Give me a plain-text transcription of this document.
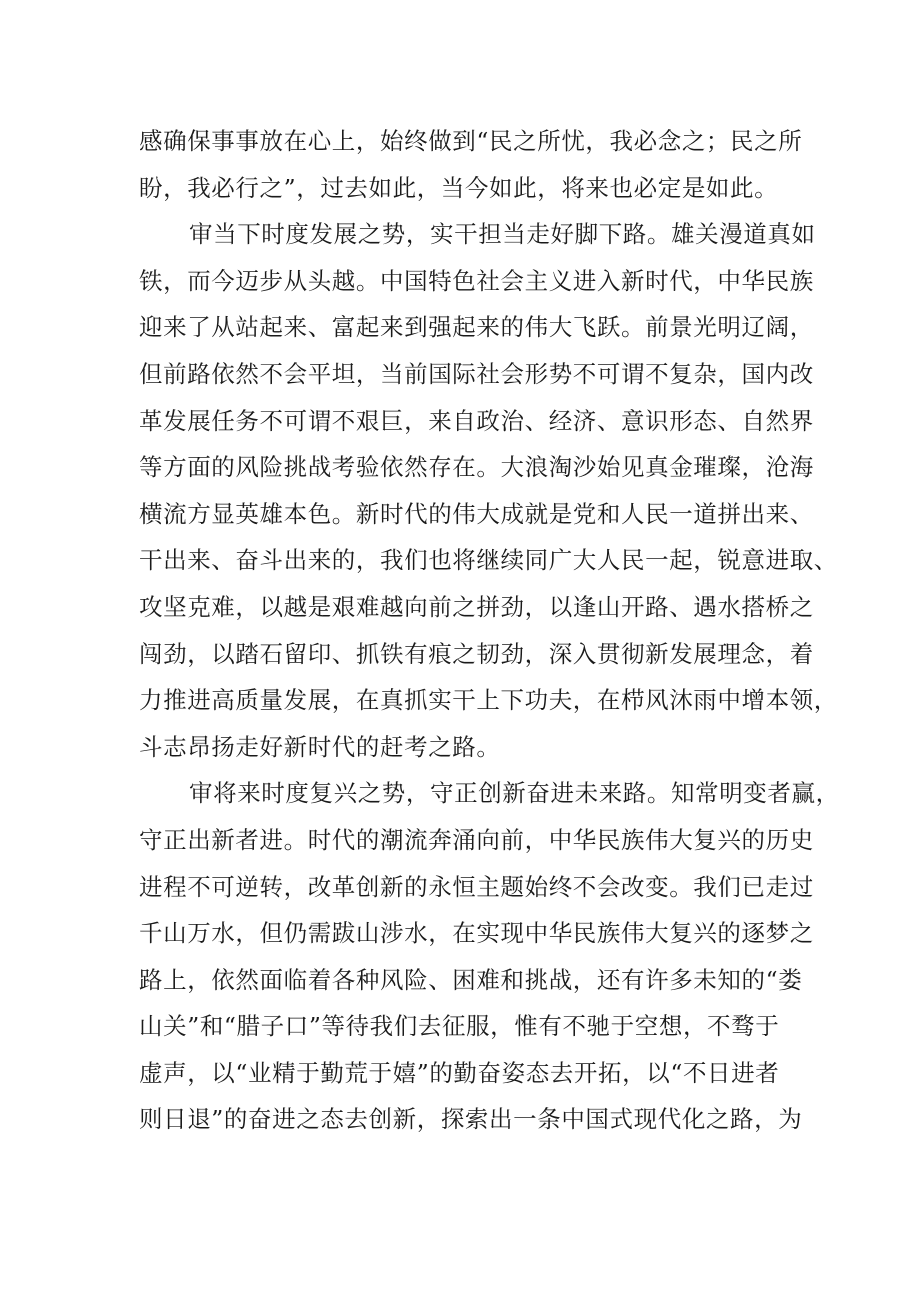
感确保事事放在心上，始终做到“民之所忧，我必念之；民之所
盼，我必行之”，过去如此，当今如此，将来也必定是如此。
审当下时度发展之势，实干担当走好脚下路。雄关漫道真如
铁，而今迈步从头越。中国特色社会主义进入新时代，中华民族
迎来了从站起来、富起来到强起来的伟大飞跃。前景光明辽阔，
但前路依然不会平坦，当前国际社会形势不可谓不复杂，国内改
革发展任务不可谓不艰巨，来自政治、经济、意识形态、自然界
等方面的风险挑战考验依然存在。大浪淘沙始见真金璀璨，沧海
横流方显英雄本色。新时代的伟大成就是党和人民一道拼出来、
干出来、奋斗出来的，我们也将继续同广大人民一起，锐意进取、
攻坚克难，以越是艰难越向前之拼劲，以逢山开路、遇水搭桥之
闯劲，以踏石留印、抓铁有痕之韧劲，深入贯彻新发展理念，着
力推进高质量发展，在真抓实干上下功夫，在栉风沐雨中增本领，
斗志昂扬走好新时代的赶考之路。
审将来时度复兴之势，守正创新奋进未来路。知常明变者赢，
守正出新者进。时代的潮流奔涌向前，中华民族伟大复兴的历史
进程不可逆转，改革创新的永恒主题始终不会改变。我们已走过
千山万水，但仍需跋山涉水，在实现中华民族伟大复兴的逐梦之
路上，依然面临着各种风险、困难和挑战，还有许多未知的“娄
山关”和“腊子口”等待我们去征服，惟有不驰于空想，不骛于
虚声，以“业精于勤荒于嬉”的勤奋姿态去开拓，以“不日进者
则日退”的奋进之态去创新，探索出一条中国式现代化之路，为
